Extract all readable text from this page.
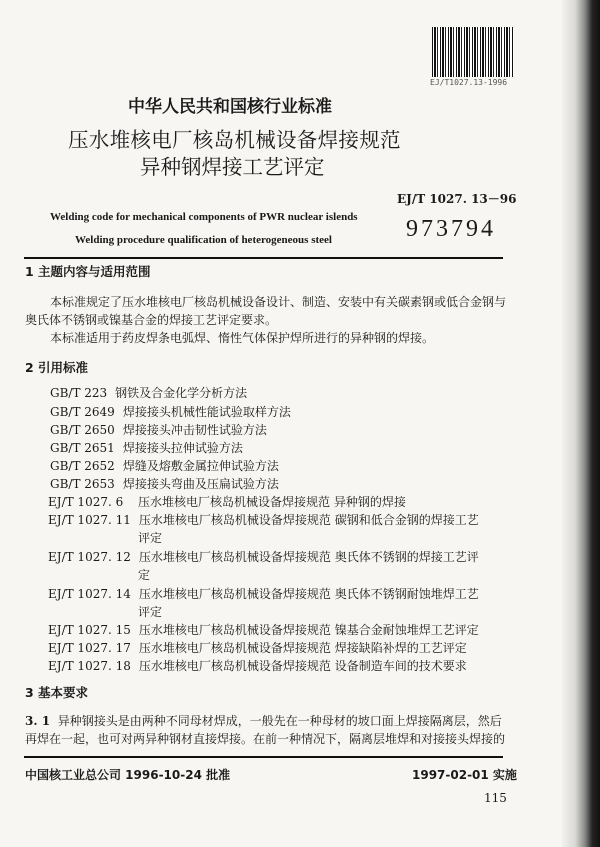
EJ/T1027.13-1996
中华人民共和国核行业标准
压水堆核电厂核岛机械设备焊接规范
异种钢焊接工艺评定
EJ/T 1027. 13－96
Welding code for mechanical components of PWR nuclear islends
Welding procedure qualification of heterogeneous steel	973794
1 主题内容与适用范围
本标准规定了压水堆核电厂核岛机械设备设计、制造、安装中有关碳素钢或低合金钢与
奥氏体不锈钢或镍基合金的焊接工艺评定要求。
本标准适用于药皮焊条电弧焊、惰性气体保护焊所进行的异种钢的焊接。
2 引用标准
GB/T 223 钢铁及合金化学分析方法
GB/T 2649 焊接接头机械性能试验取样方法
GB/T 2650 焊接接头冲击韧性试验方法
GB/T 2651 焊接接头拉伸试验方法
GB/T 2652 焊缝及熔敷金属拉伸试验方法
GB/T 2653 焊接接头弯曲及压扁试验方法
EJ/T 1027. 6 压水堆核电厂核岛机械设备焊接规范 异种钢的焊接
EJ/T 1027. 11 压水堆核电厂核岛机械设备焊接规范 碳钢和低合金钢的焊接工艺
评定
EJ/T 1027. 12 压水堆核电厂核岛机械设备焊接规范 奥氏体不锈钢的焊接工艺评
定
EJ/T 1027. 14 压水堆核电厂核岛机械设备焊接规范 奥氏体不锈钢耐蚀堆焊工艺
评定
EJ/T 1027. 15 压水堆核电厂核岛机械设备焊接规范 镍基合金耐蚀堆焊工艺评定
EJ/T 1027. 17 压水堆核电厂核岛机械设备焊接规范 焊接缺陷补焊的工艺评定
EJ/T 1027. 18 压水堆核电厂核岛机械设备焊接规范 设备制造车间的技术要求
3 基本要求
3. 1 异种钢接头是由两种不同母材焊成，一般先在一种母材的坡口面上焊接隔离层，然后
再焊在一起，也可对两异种钢材直接焊接。在前一种情况下，隔离层堆焊和对接接头焊接的
中国核工业总公司 1996-10-24 批准	1997-02-01 实施
115
